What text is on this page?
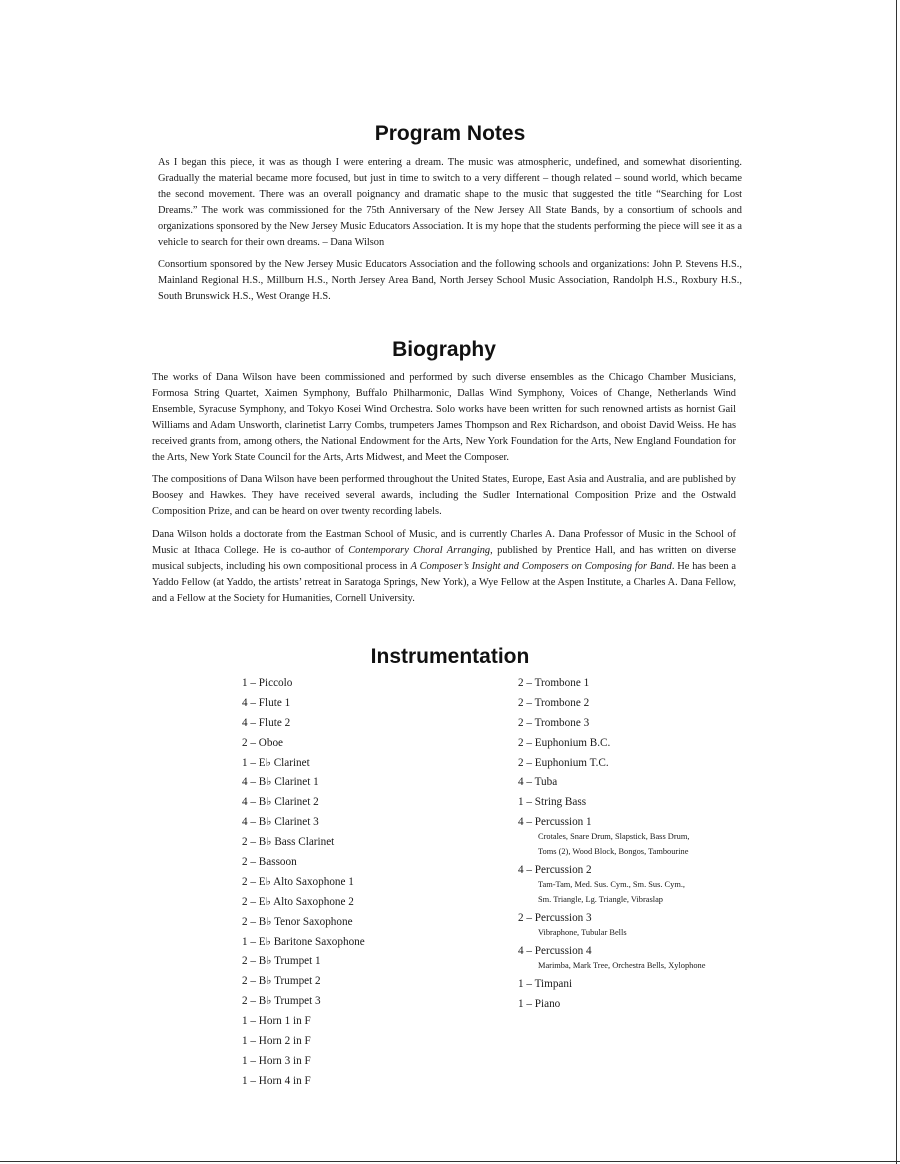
Program Notes

As I began this piece, it was as though I were entering a dream. The music was atmospheric, undefined, and somewhat disorienting. Gradually the material became more focused, but just in time to switch to a very different – though related – sound world, which became the second movement. There was an overall poignancy and dramatic shape to the music that suggested the title “Searching for Lost Dreams.” The work was commissioned for the 75th Anniversary of the New Jersey All State Bands, by a consortium of schools and organizations sponsored by the New Jersey Music Educators Association. It is my hope that the students performing the piece will see it as a vehicle to search for their own dreams. – Dana Wilson

Consortium sponsored by the New Jersey Music Educators Association and the following schools and organizations: John P. Stevens H.S., Mainland Regional H.S., Millburn H.S., North Jersey Area Band, North Jersey School Music Association, Randolph H.S., Roxbury H.S., South Brunswick H.S., West Orange H.S.

Biography

The works of Dana Wilson have been commissioned and performed by such diverse ensembles as the Chicago Chamber Musicians, Formosa String Quartet, Xaimen Symphony, Buffalo Philharmonic, Dallas Wind Symphony, Voices of Change, Netherlands Wind Ensemble, Syracuse Symphony, and Tokyo Kosei Wind Orchestra. Solo works have been written for such renowned artists as hornist Gail Williams and Adam Unsworth, clarinetist Larry Combs, trumpeters James Thompson and Rex Richardson, and oboist David Weiss. He has received grants from, among others, the National Endowment for the Arts, New York Foundation for the Arts, New England Foundation for the Arts, New York State Council for the Arts, Arts Midwest, and Meet the Composer.

The compositions of Dana Wilson have been performed throughout the United States, Europe, East Asia and Australia, and are published by Boosey and Hawkes. They have received several awards, including the Sudler International Composition Prize and the Ostwald Composition Prize, and can be heard on over twenty recording labels.

Dana Wilson holds a doctorate from the Eastman School of Music, and is currently Charles A. Dana Professor of Music in the School of Music at Ithaca College. He is co-author of Contemporary Choral Arranging, published by Prentice Hall, and has written on diverse musical subjects, including his own compositional process in A Composer’s Insight and Composers on Composing for Band. He has been a Yaddo Fellow (at Yaddo, the artists’ retreat in Saratoga Springs, New York), a Wye Fellow at the Aspen Institute, a Charles A. Dana Fellow, and a Fellow at the Society for Humanities, Cornell University.

Instrumentation
1 – Piccolo
4 – Flute 1
4 – Flute 2
2 – Oboe
1 – E♭ Clarinet
4 – B♭ Clarinet 1
4 – B♭ Clarinet 2
4 – B♭ Clarinet 3
2 – B♭ Bass Clarinet
2 – Bassoon
2 – E♭ Alto Saxophone 1
2 – E♭ Alto Saxophone 2
2 – B♭ Tenor Saxophone
1 – E♭ Baritone Saxophone
2 – B♭ Trumpet 1
2 – B♭ Trumpet 2
2 – B♭ Trumpet 3
1 – Horn 1 in F
1 – Horn 2 in F
1 – Horn 3 in F
1 – Horn 4 in F
2 – Trombone 1
2 – Trombone 2
2 – Trombone 3
2 – Euphonium B.C.
2 – Euphonium T.C.
4 – Tuba
1 – String Bass
4 – Percussion 1
Crotales, Snare Drum, Slapstick, Bass Drum,
Toms (2), Wood Block, Bongos, Tambourine
4 – Percussion 2
Tam-Tam, Med. Sus. Cym., Sm. Sus. Cym.,
Sm. Triangle, Lg. Triangle, Vibraslap
2 – Percussion 3
Vibraphone, Tubular Bells
4 – Percussion 4
Marimba, Mark Tree, Orchestra Bells, Xylophone
1 – Timpani
1 – Piano
